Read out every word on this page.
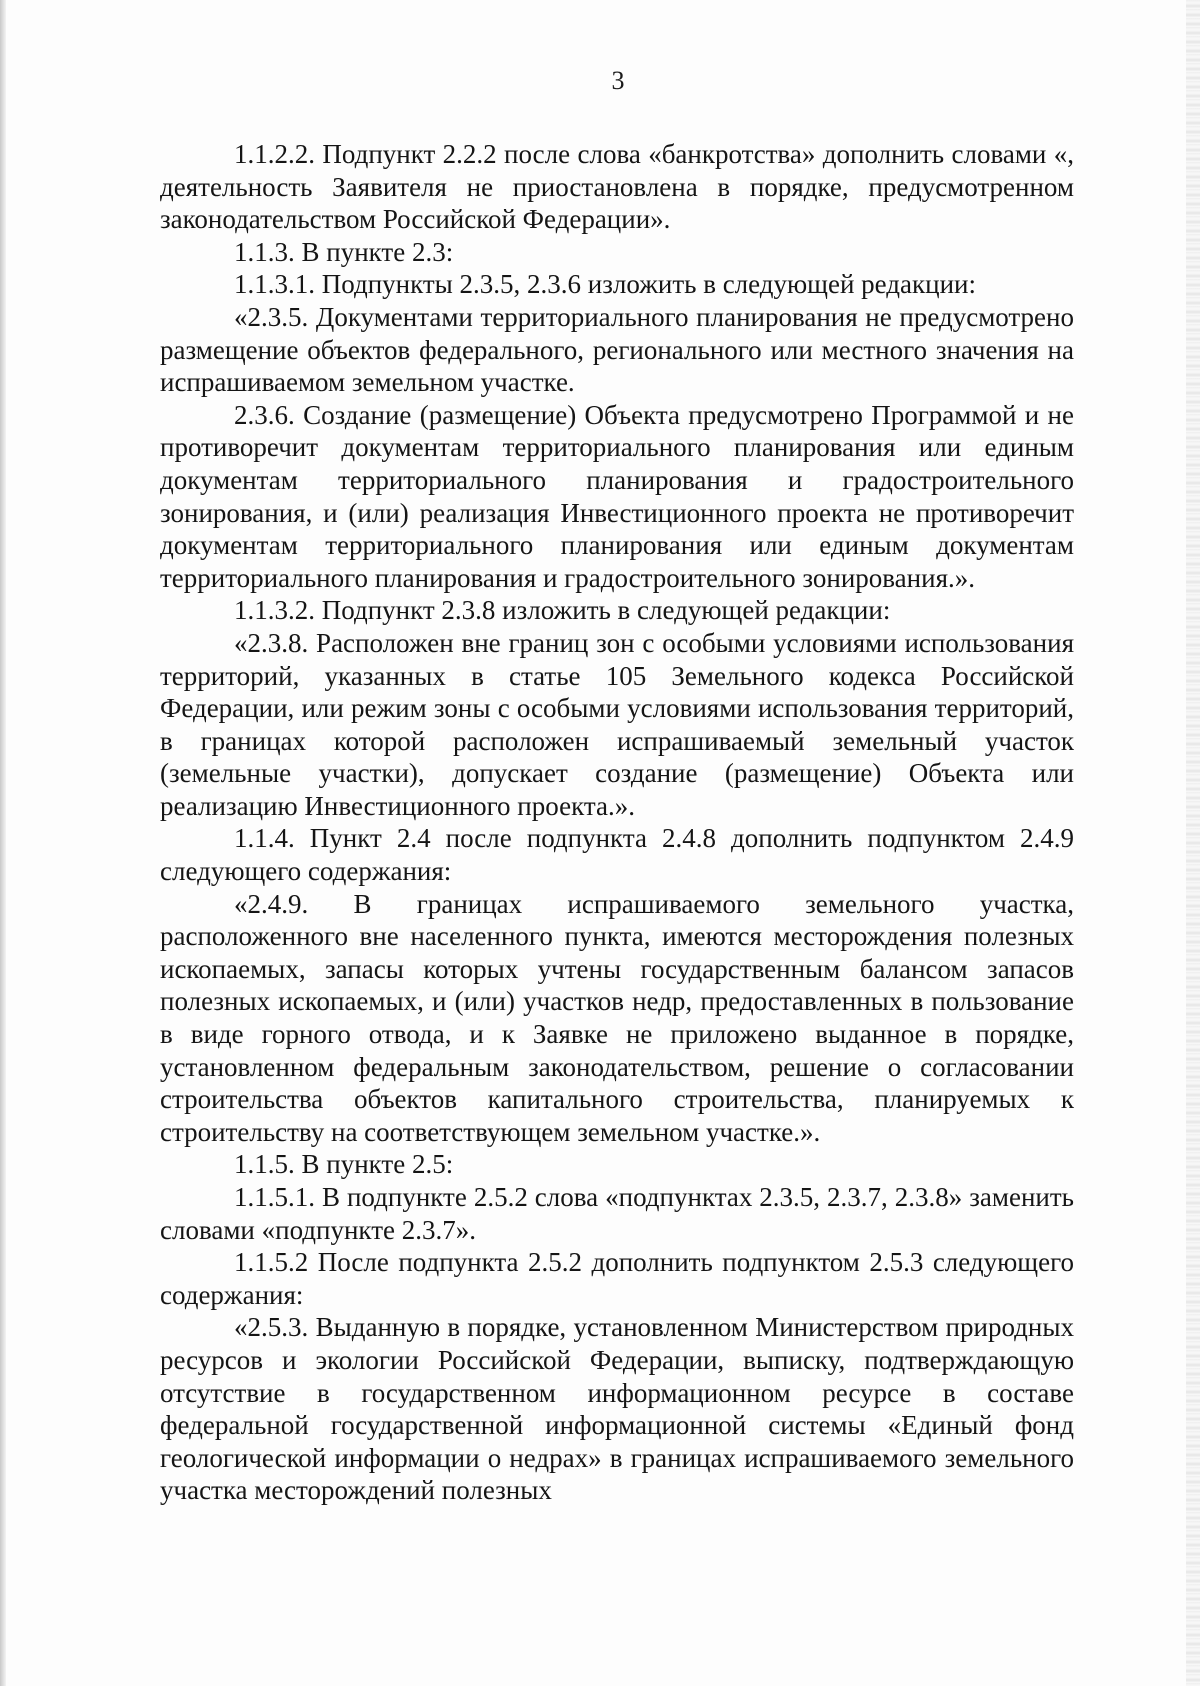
3

1.1.2.2. Подпункт 2.2.2 после слова «банкротства» дополнить словами «, деятельность Заявителя не приостановлена в порядке, предусмотренном законодательством Российской Федерации».

1.1.3. В пункте 2.3:

1.1.3.1. Подпункты 2.3.5, 2.3.6 изложить в следующей редакции:

«2.3.5. Документами территориального планирования не предусмотрено размещение объектов федерального, регионального или местного значения на испрашиваемом земельном участке.

2.3.6. Создание (размещение) Объекта предусмотрено Программой и не противоречит документам территориального планирования или единым документам территориального планирования и градостроительного зонирования, и (или) реализация Инвестиционного проекта не противоречит документам территориального планирования или единым документам территориального планирования и градостроительного зонирования.».

1.1.3.2. Подпункт 2.3.8 изложить в следующей редакции:

«2.3.8. Расположен вне границ зон с особыми условиями использования территорий, указанных в статье 105 Земельного кодекса Российской Федерации, или режим зоны с особыми условиями использования территорий, в границах которой расположен испрашиваемый земельный участок (земельные участки), допускает создание (размещение) Объекта или реализацию Инвестиционного проекта.».

1.1.4. Пункт 2.4 после подпункта 2.4.8 дополнить подпунктом 2.4.9 следующего содержания:

«2.4.9. В границах испрашиваемого земельного участка, расположенного вне населенного пункта, имеются месторождения полезных ископаемых, запасы которых учтены государственным балансом запасов полезных ископаемых, и (или) участков недр, предоставленных в пользование в виде горного отвода, и к Заявке не приложено выданное в порядке, установленном федеральным законодательством, решение о согласовании строительства объектов капитального строительства, планируемых к строительству на соответствующем земельном участке.».

1.1.5. В пункте 2.5:

1.1.5.1. В подпункте 2.5.2 слова «подпунктах 2.3.5, 2.3.7, 2.3.8» заменить словами «подпункте 2.3.7».

1.1.5.2 После подпункта 2.5.2 дополнить подпунктом 2.5.3 следующего содержания:

«2.5.3. Выданную в порядке, установленном Министерством природных ресурсов и экологии Российской Федерации, выписку, подтверждающую отсутствие в государственном информационном ресурсе в составе федеральной государственной информационной системы «Единый фонд геологической информации о недрах» в границах испрашиваемого земельного участка месторождений полезных
